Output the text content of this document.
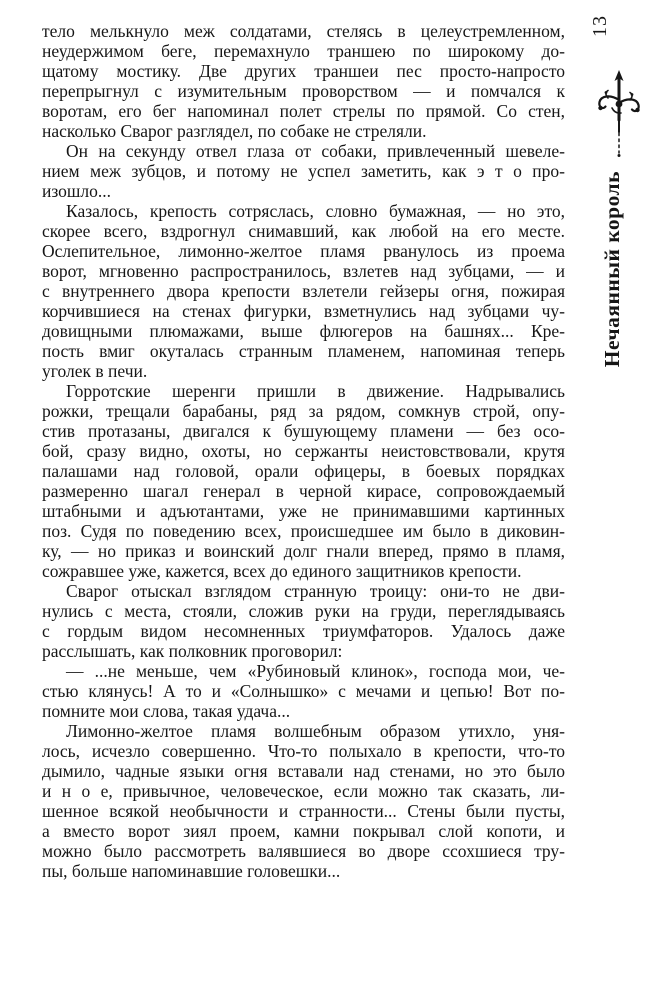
тело мелькнуло меж солдатами, стелясь в целеустремленном,
неудержимом беге, перемахнуло траншею по широкому до-
щатому мостику. Две других траншеи пес просто-напросто
перепрыгнул с изумительным проворством — и помчался к
воротам, его бег напоминал полет стрелы по прямой. Со стен,
насколько Сварог разглядел, по собаке не стреляли.
Он на секунду отвел глаза от собаки, привлеченный шевеле-
нием меж зубцов, и потому не успел заметить, как э т о про-
изошло...
Казалось, крепость сотряслась, словно бумажная, — но это,
скорее всего, вздрогнул снимавший, как любой на его месте.
Ослепительное, лимонно-желтое пламя рванулось из проема
ворот, мгновенно распространилось, взлетев над зубцами, — и
с внутреннего двора крепости взлетели гейзеры огня, пожирая
корчившиеся на стенах фигурки, взметнулись над зубцами чу-
довищными плюмажами, выше флюгеров на башнях... Кре-
пость вмиг окуталась странным пламенем, напоминая теперь
уголек в печи.
Горротские шеренги пришли в движение. Надрывались
рожки, трещали барабаны, ряд за рядом, сомкнув строй, опу-
стив протазаны, двигался к бушующему пламени — без осо-
бой, сразу видно, охоты, но сержанты неистовствовали, крутя
палашами над головой, орали офицеры, в боевых порядках
размеренно шагал генерал в черной кирасе, сопровождаемый
штабными и адъютантами, уже не принимавшими картинных
поз. Судя по поведению всех, происшедшее им было в диковин-
ку, — но приказ и воинский долг гнали вперед, прямо в пламя,
сожравшее уже, кажется, всех до единого защитников крепости.
Сварог отыскал взглядом странную троицу: они-то не дви-
нулись с места, стояли, сложив руки на груди, переглядываясь
с гордым видом несомненных триумфаторов. Удалось даже
расслышать, как полковник проговорил:
— ...не меньше, чем «Рубиновый клинок», господа мои, че-
стью клянусь! А то и «Солнышко» с мечами и цепью! Вот по-
помните мои слова, такая удача...
Лимонно-желтое пламя волшебным образом утихло, уня-
лось, исчезло совершенно. Что-то полыхало в крепости, что-то
дымило, чадные языки огня вставали над стенами, но это было
и н о е, привычное, человеческое, если можно так сказать, ли-
шенное всякой необычности и странности... Стены были пусты,
а вместо ворот зиял проем, камни покрывал слой копоти, и
можно было рассмотреть валявшиеся во дворе ссохшиеся тру-
пы, больше напоминавшие головешки...
13
Нечаянный король
